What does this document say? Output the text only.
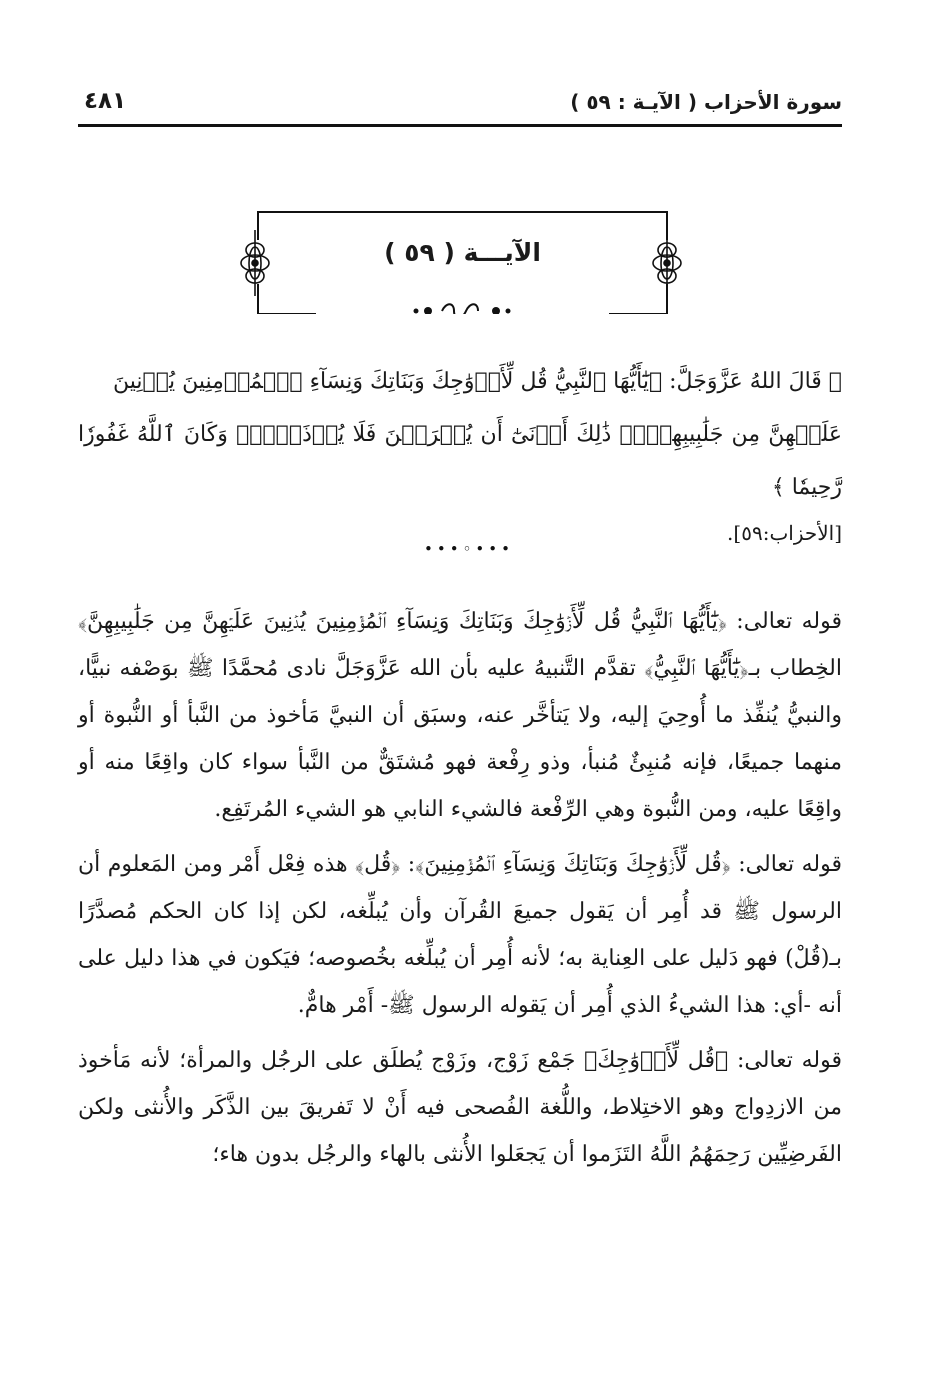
سورة الأحزاب ( الآيـة : ٥٩ )
٤٨١
الآيـــة ( ٥٩ )

۞ قَالَ اللهُ عَزَّوَجَلَّ: ﴿يَٰٓأَيُّهَا ٱلنَّبِيُّ قُل لِّأَزۡوَٰجِكَ وَبَنَاتِكَ وَنِسَآءِ ٱلۡمُؤۡمِنِينَ يُدۡنِينَ

عَلَيۡهِنَّ مِن جَلَٰبِيبِهِنَّۚ ذَٰلِكَ أَدۡنَىٰٓ أَن يُعۡرَفۡنَ فَلَا يُؤۡذَيۡنَۗ وَكَانَ ٱللَّهُ غَفُورٗا رَّحِيمٗا ﴾

[الأحزاب:٥٩].

•••◦•••

قوله تعالى: ﴿يَٰٓأَيُّهَا ٱلنَّبِيُّ قُل لِّأَزۡوَٰجِكَ وَبَنَاتِكَ وَنِسَآءِ ٱلۡمُؤۡمِنِينَ يُدۡنِينَ عَلَيۡهِنَّ مِن جَلَٰبِيبِهِنَّ﴾ الخِطاب بـ﴿يَٰٓأَيُّهَا ٱلنَّبِيُّ﴾ تقدَّم التَّنبيهُ عليه بأن الله عَزَّوَجَلَّ نادى مُحمَّدًا ﷺ بوَصْفه نبيًّا، والنبيُّ يُنفِّذ ما أُوحِيَ إليه، ولا يَتأخَّر عنه، وسبَق أن النبيَّ مَأخوذ من النَّبأ أو النُّبوة أو منهما جميعًا، فإنه مُنبِئٌ مُنبأ، وذو رِفْعة فهو مُشتَقٌّ من النَّبأ سواء كان واقِعًا منه أو واقِعًا عليه، ومن النُّبوة وهي الرِّفْعة فالشيء النابي هو الشيء المُرتَفِع.

قوله تعالى: ﴿قُل لِّأَزۡوَٰجِكَ وَبَنَاتِكَ وَنِسَآءِ ٱلۡمُؤۡمِنِينَ﴾: ﴿قُل﴾ هذه فِعْل أَمْر ومن المَعلوم أن الرسول ﷺ قد أُمِر أن يَقول جميعَ القُرآن وأن يُبلِّغه، لكن إذا كان الحكم مُصدَّرًا بـ(قُلْ) فهو دَليل على العِناية به؛ لأنه أُمِر أن يُبلِّغه بخُصوصه؛ فيَكون في هذا دليل على أنه -أي: هذا الشيءُ الذي أُمِر أن يَقوله الرسول ﷺ- أَمْر هامٌّ.

قوله تعالى: ﴿قُل لِّأَزۡوَٰجِكَ﴾ جَمْع زَوْج، وزَوْج يُطلَق على الرجُل والمرأة؛ لأنه مَأخوذ من الازدِواج وهو الاختِلاط، واللُّغة الفُصحى فيه أَنْ لا تَفريقَ بين الذَّكَر والأُنثى ولكن الفَرضِيِّين رَحِمَهُمُ اللَّهُ التَزَموا أن يَجعَلوا الأُنثى بالهاء والرجُل بدون هاء؛
